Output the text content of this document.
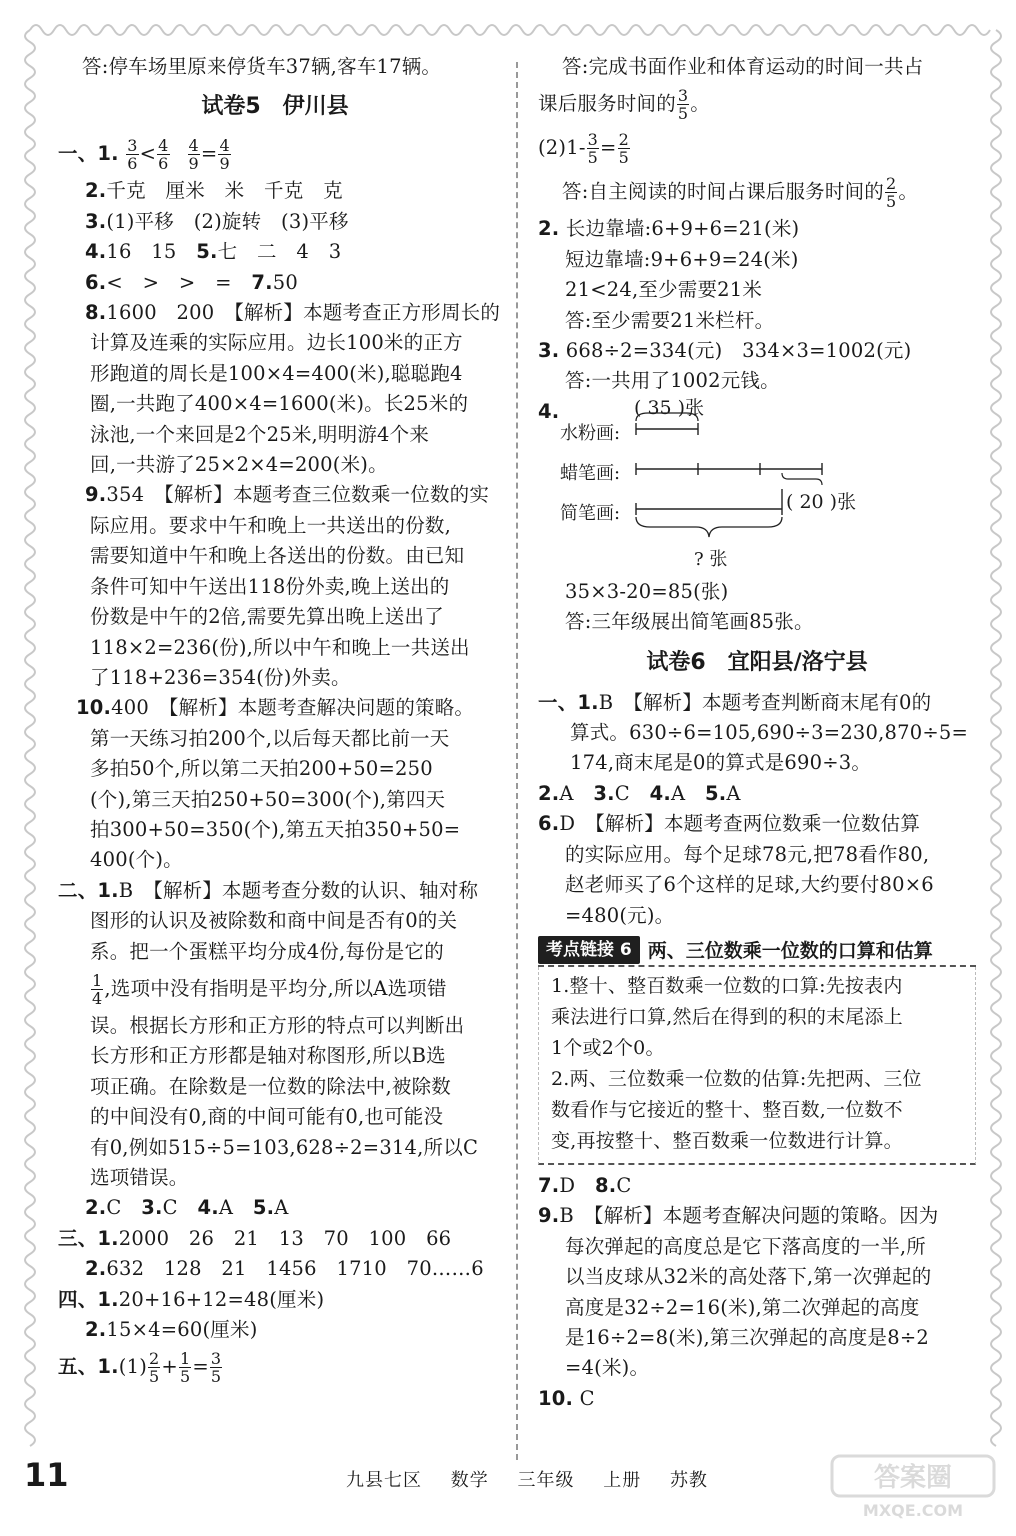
答:停车场里原来停货车37辆,客车17辆。
试卷5 伊川县
一、1. $\frac{3}{6} < \frac{4}{6} \frac{4}{9} = \frac{4}{9}$
2.千克　厘米　米　千克　克
3.(1)平移　(2)旋转　(3)平移
4.16　15　 5.七　二　4　3
6.<　>　>　=　 7.50
8.1600　200　【解析】本题考查正方形周长的
计算及连乘的实际应用。边长100米的正方
形跑道的周长是100×4=400(米),聪聪跑4
圈,一共跑了400×4=1600(米)。长25米的
泳池,一个来回是2个25米,明明游4个来
回,一共游了25×2×4=200(米)。
9.354　【解析】本题考查三位数乘一位数的实
际应用。要求中午和晚上一共送出的份数,
需要知道中午和晚上各送出的份数。由已知
条件可知中午送出118份外卖,晚上送出的
份数是中午的2倍,需要先算出晚上送出了
118×2=236(份),所以中午和晚上一共送出
了118+236=354(份)外卖。
10.400　【解析】本题考查解决问题的策略。
第一天练习拍200个,以后每天都比前一天
多拍50个,所以第二天拍200+50=250
(个),第三天拍250+50=300(个),第四天
拍300+50=350(个),第五天拍350+50=
400(个)。
二、1.B　【解析】本题考查分数的认识、轴对称
图形的认识及被除数和商中间是否有0的关
系。把一个蛋糕平均分成4份,每份是它的
$\frac{1}{4}$ ,选项中没有指明是平均分,所以A选项错
误。根据长方形和正方形的特点可以判断出
长方形和正方形都是轴对称图形,所以B选
项正确。在除数是一位数的除法中,被除数
的中间没有0,商的中间可能有0,也可能没
有0,例如515÷5=103,628÷2=314,所以C
选项错误。
2.C　 3.C　 4.A　 5.A
三、1.2000　26　21　13　70　100　66
2.632　128　21　1456　1710　70……6
四、1.20+16+12=48(厘米)
2.15×4=60(厘米)
五、$1.(1) \frac{2}{5} + \frac{1}{5} = \frac{3}{5}$
答:完成书面作业和体育运动的时间一共占
课后服务时间的 $\frac{3}{5}$ 。
$(2)1- \frac{3}{5} = \frac{2}{5}$
答:自主阅读的时间占课后服务时间的 $\frac{2}{5}$ 。
2. 长边靠墙:6+9+6=21(米)
短边靠墙:9+6+9=24(米)
21<24,至少需要21米
答:至少需要21米栏杆。
3. 668÷2=334(元)　334×3=1002(元)
答:一共用了1002元钱。
4.	( 35 )张
水粉画:
蜡笔画:
简笔画:
( 20 )张
? 张
35×3-20=85(张)
答:三年级展出简笔画85张。
试卷6 宜阳县/洛宁县
一、1.B　【解析】本题考查判断商末尾有0的
算式。630÷6=105,690÷3=230,870÷5=
174,商末尾是0的算式是690÷3。
2.A　 3.C　 4.A　 5.A
6.D　【解析】本题考查两位数乘一位数估算
的实际应用。每个足球78元,把78看作80,
赵老师买了6个这样的足球,大约要付80×6
=480(元)。
考点链接 6 两、三位数乘一位数的口算和估算
1.整十、整百数乘一位数的口算:先按表内
乘法进行口算,然后在得到的积的末尾添上
1个或2个0。
2.两、三位数乘一位数的估算:先把两、三位
数看作与它接近的整十、整百数,一位数不
变,再按整十、整百数乘一位数进行计算。
7.D　 8.C
9.B　【解析】本题考查解决问题的策略。因为
每次弹起的高度总是它下落高度的一半,所
以当皮球从32米的高处落下,第一次弹起的
高度是32÷2=16(米),第二次弹起的高度
是16÷2=8(米),第三次弹起的高度是8÷2
=4(米)。
10. C
11	九县七区 数学 三年级 上册 苏教	答案圈
MXQE.COM
